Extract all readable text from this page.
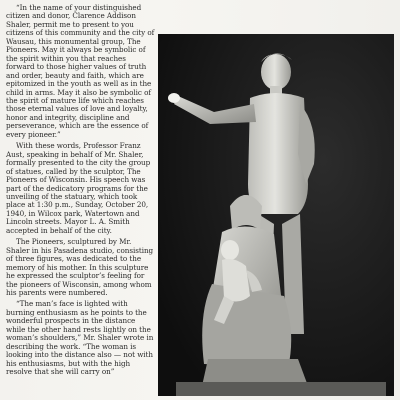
“In the name of your distinguished citizen and donor, Clarence Addison Shaler, permit me to present to you citizens of this community and the city of Wausau, this monumental group, The Pioneers. May it always be symbolic of the spirit within you that reaches forward to those higher values of truth and order, beauty and faith, which are epitomized in the youth as well as in the child in arms. May it also be symbolic of the spirit of mature life which reaches those eternal values of love and loyalty, honor and integrity, discipline and perseverance, which are the essence of every pioneer.”

With these words, Professor Franz Aust, speaking in behalf of Mr. Shaler, formally presented to the city the group of statues, called by the sculptor, The Pioneers of Wisconsin. His speech was part of the dedicatory programs for the unveiling of the statuary, which took place at 1:30 p.m., Sunday, October 20, 1940, in Wilcox park, Watertown and Lincoln streets. Mayor L. A. Smith accepted in behalf of the city.

The Pioneers, sculptured by Mr. Shaler in his Pasadena studio, consisting of three figures, was dedicated to the memory of his mother. In this sculpture he expressed the sculptor’s feeling for the pioneers of Wisconsin, among whom his parents were numbered.

“The man’s face is lighted with burning enthusiasm as he points to the wonderful prospects in the distance while the other hand rests lightly on the woman’s shoulders,” Mr. Shaler wrote in describing the work. “The woman is looking into the distance also — not with his enthusiasms, but with the high resolve that she will carry on”
